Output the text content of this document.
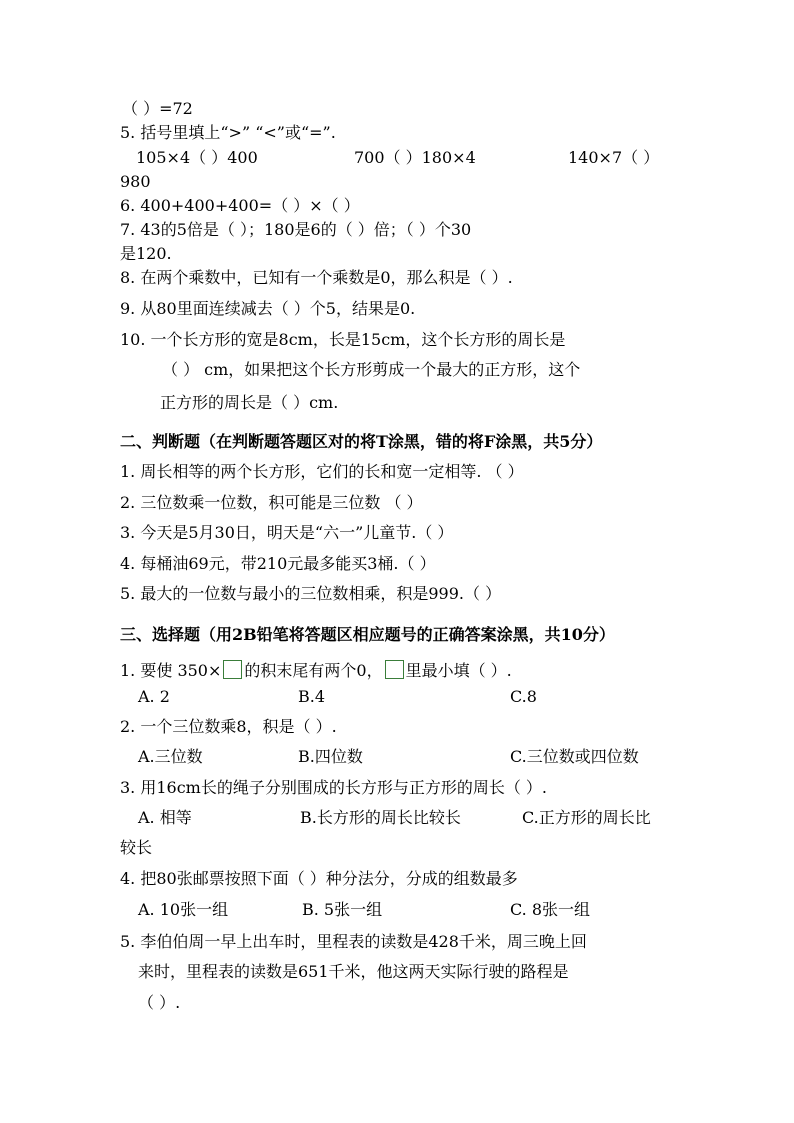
（ ）=72
5. 括号里填上“>” “<”或“=”.
105×4（ ）400	700（ ）180×4	140×7（ ）
980
6. 400+400+400=（ ）×（ ）
7. 43的5倍是（ ）；180是6的（ ）倍；（ ）个30
是120.
8. 在两个乘数中，已知有一个乘数是0，那么积是（ ）.
9. 从80里面连续减去（ ）个5，结果是0.
10. 一个长方形的宽是8cm，长是15cm，这个长方形的周长是
（ ） cm，如果把这个长方形剪成一个最大的正方形，这个
正方形的周长是（ ）cm.
二、判断题（在判断题答题区对的将T涂黑，错的将F涂黑，共5分）
1. 周长相等的两个长方形，它们的长和宽一定相等. （ ）
2. 三位数乘一位数，积可能是三位数 （ ）
3. 今天是5月30日，明天是“六一”儿童节.（ ）
4. 每桶油69元，带210元最多能买3桶.（ ）
5. 最大的一位数与最小的三位数相乘，积是999.（ ）
三、选择题（用2B铅笔将答题区相应题号的正确答案涂黑，共10分）
1. 要使 350× 的积末尾有两个0， 里最小填（ ）.
A. 2	B.4	C.8
2. 一个三位数乘8，积是（ ）.
A.三位数	B.四位数	C.三位数或四位数
3. 用16cm长的绳子分别围成的长方形与正方形的周长（ ）.
A. 相等	B.长方形的周长比较长	C.正方形的周长比
较长
4. 把80张邮票按照下面（ ）种分法分，分成的组数最多
A. 10张一组	B. 5张一组	C. 8张一组
5. 李伯伯周一早上出车时，里程表的读数是428千米，周三晚上回
来时，里程表的读数是651千米，他这两天实际行驶的路程是
（ ）.
